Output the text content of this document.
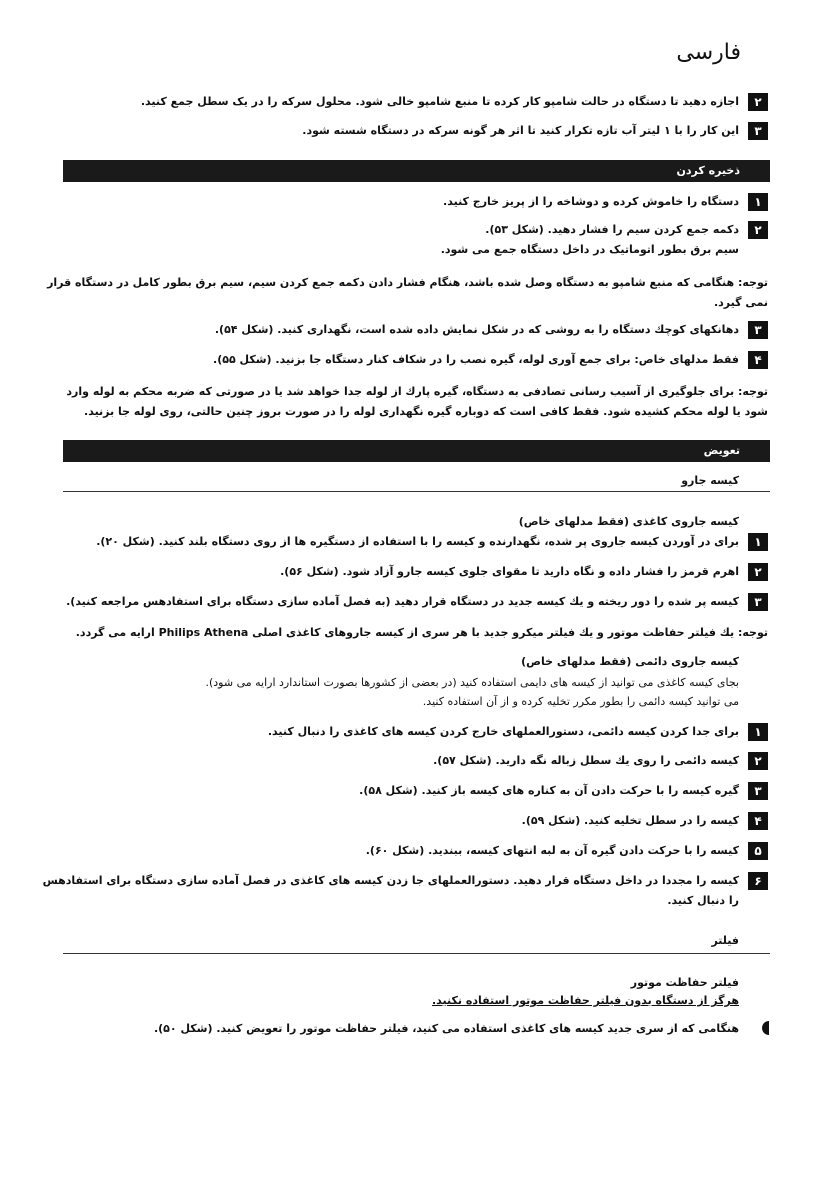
فارسی
۲
اجازه دهید تا دستگاه در حالت شامپو کار کرده تا منبع شامپو خالی شود. محلول سرکه را در یک سطل جمع کنید.
۳
این کار را با ۱ لیتر آب تازه تکرار کنید تا اثر هر گونه سرکه در دستگاه شسته شود.
ذخیره کردن
۱
دستگاه را خاموش کرده و دوشاخه را از پریز خارج کنید.
۲
دکمه جمع کردن سیم را فشار دهید. (شکل ۵۳).
سیم برق بطور اتوماتیک در داخل دستگاه جمع می شود.
توجه: هنگامی که منبع شامپو به دستگاه وصل شده باشد، هنگام فشار دادن دکمه جمع کردن سیم، سیم برق بطور کامل در دستگاه قرار
نمی گیرد.
۳
دهانکهای کوچك دستگاه را به روشی که در شکل نمایش داده شده است، نگهداری کنید. (شکل ۵۴).
۴
فقط مدلهای خاص: برای جمع آوری لوله، گیره نصب را در شکاف کنار دستگاه جا بزنید. (شکل ۵۵).
توجه: برای جلوگیری از آسیب رسانی تصادفی به دستگاه، گیره پارك از لوله جدا خواهد شد یا در صورتی که ضربه محکم به لوله وارد
شود یا لوله محکم کشیده شود. فقط کافی است که دوباره گیره نگهداری لوله را در صورت بروز چنین حالتی، روی لوله جا بزنید.
تعویض
کیسه جارو
کیسه جاروی کاغذی (فقط مدلهای خاص)
۱
برای در آوردن کیسه جاروی پر شده، نگهدارنده و کیسه را با استفاده از دستگیره ها از روی دستگاه بلند کنید. (شکل ۲۰).
۲
اهرم قرمز را فشار داده و نگاه دارید تا مقوای جلوی کیسه جارو آزاد شود. (شکل ۵۶).
۳
کیسه پر شده را دور ریخته و یك کیسه جدید در دستگاه قرار دهید (به فصل آماده سازی دستگاه برای استفادهس مراجعه کنید).
توجه: یك فیلتر حفاظت موتور و یك فیلتر میکرو جدید با هر سری از کیسه جاروهای کاغذی اصلی Philips Athena ارایه می گردد.
کیسه جاروی دائمی (فقط مدلهای خاص)
بجای کیسه کاغذی می توانید از کیسه های دایمی استفاده کنید (در بعضی از کشورها بصورت استاندارد ارایه می شود).
می توانید کیسه دائمی را بطور مکرر تخلیه کرده و از آن استفاده کنید.
۱
برای جدا کردن کیسه دائمی، دستورالعملهای خارج کردن کیسه های کاغذی را دنبال کنید.
۲
کیسه دائمی را روی یك سطل زباله نگه دارید. (شکل ۵۷).
۳
گیره کیسه را با حرکت دادن آن به کناره های کیسه باز کنید. (شکل ۵۸).
۴
کیسه را در سطل تخلیه کنید. (شکل ۵۹).
۵
کیسه را با حرکت دادن گیره آن به لبه انتهای کیسه، ببندید. (شکل ۶۰).
۶
کیسه را مجددا در داخل دستگاه قرار دهید. دستورالعملهای جا زدن کیسه های کاغذی در فصل آماده سازی دستگاه برای استفادهس
را دنبال کنید.
فیلتر
فیلتر حفاظت موتور
هرگز از دستگاه بدون فیلتر حفاظت موتور استفاده نکنید.
هنگامی که از سری جدید کیسه های کاغذی استفاده می کنید، فیلتر حفاظت موتور را تعویض کنید. (شکل ۵۰).
